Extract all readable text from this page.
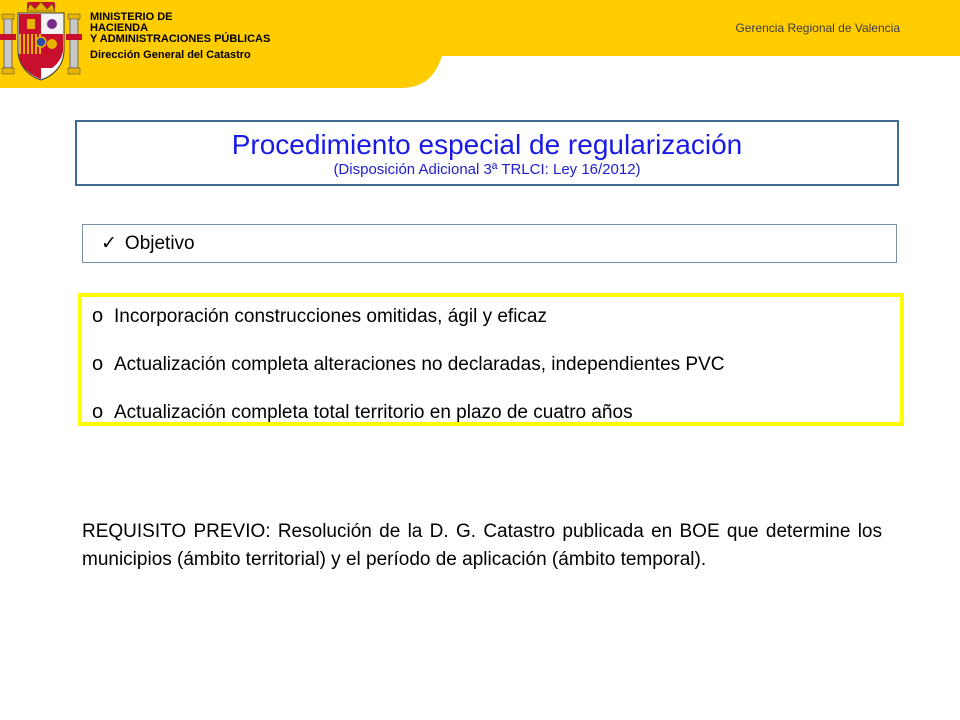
MINISTERIO DE
HACIENDA
Y ADMINISTRACIONES PÚBLICAS
Dirección General del Catastro
Gerencia Regional de Valencia
Procedimiento especial de regularización
(Disposición Adicional 3ª TRLCI: Ley 16/2012)
✓ Objetivo
o Incorporación construcciones omitidas, ágil y eficaz
o Actualización completa alteraciones no declaradas, independientes PVC
o Actualización completa total territorio en plazo de cuatro años
REQUISITO PREVIO: Resolución de la D. G. Catastro publicada en BOE que determine los municipios (ámbito territorial) y el período de aplicación (ámbito temporal).
